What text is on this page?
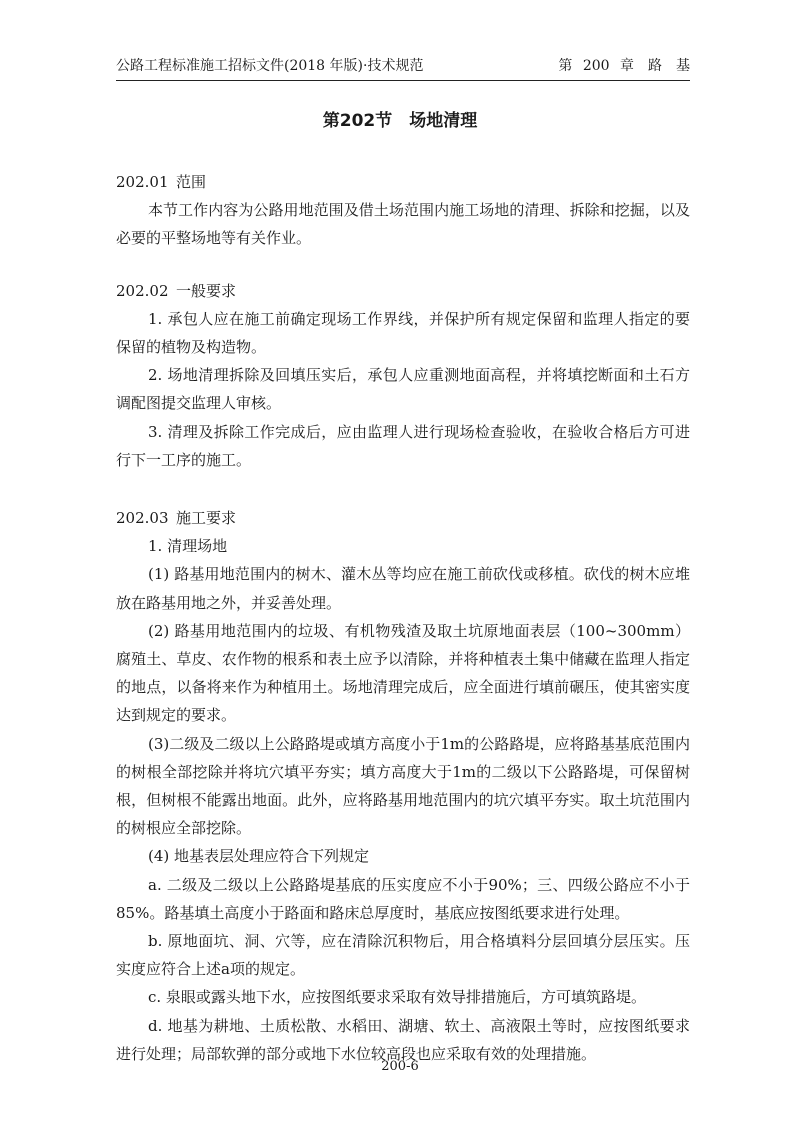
公路工程标准施工招标文件(2018 年版)·技术规范	第 200 章　路　基
第202节　场地清理
202.01 范围

本节工作内容为公路用地范围及借土场范围内施工场地的清理、拆除和挖掘，以及必要的平整场地等有关作业。

202.02 一般要求

1. 承包人应在施工前确定现场工作界线，并保护所有规定保留和监理人指定的要保留的植物及构造物。

2. 场地清理拆除及回填压实后，承包人应重测地面高程，并将填挖断面和土石方调配图提交监理人审核。

3. 清理及拆除工作完成后，应由监理人进行现场检查验收，在验收合格后方可进行下一工序的施工。

202.03 施工要求

1. 清理场地

(1) 路基用地范围内的树木、灌木丛等均应在施工前砍伐或移植。砍伐的树木应堆放在路基用地之外，并妥善处理。

(2) 路基用地范围内的垃圾、有机物残渣及取土坑原地面表层（100~300mm）腐殖土、草皮、农作物的根系和表土应予以清除，并将种植表土集中储藏在监理人指定的地点，以备将来作为种植用土。场地清理完成后，应全面进行填前碾压，使其密实度达到规定的要求。

(3)二级及二级以上公路路堤或填方高度小于1m的公路路堤，应将路基基底范围内的树根全部挖除并将坑穴填平夯实；填方高度大于1m的二级以下公路路堤，可保留树根，但树根不能露出地面。此外，应将路基用地范围内的坑穴填平夯实。取土坑范围内的树根应全部挖除。

(4) 地基表层处理应符合下列规定

a. 二级及二级以上公路路堤基底的压实度应不小于90%；三、四级公路应不小于85%。路基填土高度小于路面和路床总厚度时，基底应按图纸要求进行处理。

b. 原地面坑、洞、穴等，应在清除沉积物后，用合格填料分层回填分层压实。压实度应符合上述a项的规定。

c. 泉眼或露头地下水，应按图纸要求采取有效导排措施后，方可填筑路堤。

d. 地基为耕地、土质松散、水稻田、湖塘、软土、高液限土等时，应按图纸要求进行处理；局部软弹的部分或地下水位较高段也应采取有效的处理措施。

200-6
